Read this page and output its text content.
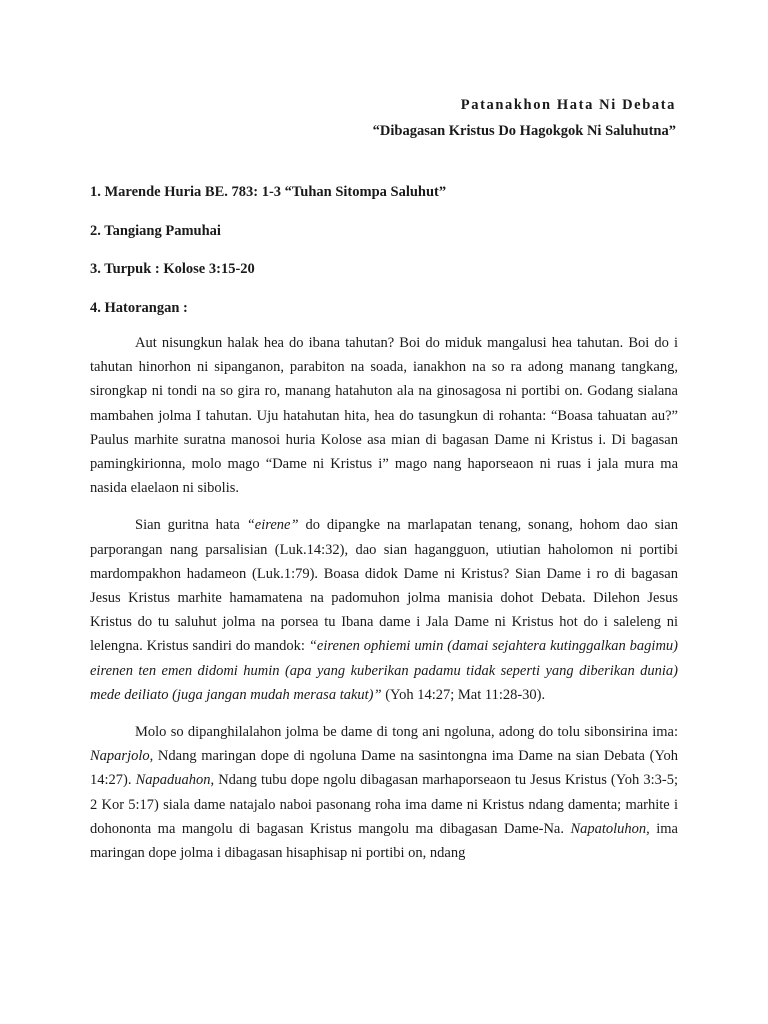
Patanakhon Hata Ni Debata
“Dibagasan Kristus Do Hagokgok Ni Saluhutna”
1. Marende Huria BE. 783: 1-3 “Tuhan Sitompa Saluhut”
2. Tangiang Pamuhai
3. Turpuk : Kolose 3:15-20
4. Hatorangan :

Aut nisungkun halak hea do ibana tahutan? Boi do miduk mangalusi hea tahutan. Boi do i tahutan hinorhon ni sipanganon, parabiton na soada, ianakhon na so ra adong manang tangkang, sirongkap ni tondi na so gira ro, manang hatahuton ala na ginosagosa ni portibi on. Godang sialana mambahen jolma I tahutan. Uju hatahutan hita, hea do tasungkun di rohanta: “Boasa tahuatan au?” Paulus marhite suratna manosoi huria Kolose asa mian di bagasan Dame ni Kristus i. Di bagasan pamingkirionna, molo mago “Dame ni Kristus i” mago nang haporseaon ni ruas i jala mura ma nasida elaelaon ni sibolis.

Sian guritna hata “eirene” do dipangke na marlapatan tenang, sonang, hohom dao sian parporangan nang parsalisian (Luk.14:32), dao sian hagangguon, utiutian haholomon ni portibi mardompakhon hadameon (Luk.1:79). Boasa didok Dame ni Kristus? Sian Dame i ro di bagasan Jesus Kristus marhite hamamatena na padomuhon jolma manisia dohot Debata. Dilehon Jesus Kristus do tu saluhut jolma na porsea tu Ibana dame i Jala Dame ni Kristus hot do i saleleng ni lelengna. Kristus sandiri do mandok: “eirenen ophiemi umin (damai sejahtera kutinggalkan bagimu) eirenen ten emen didomi humin (apa yang kuberikan padamu tidak seperti yang diberikan dunia) mede deiliato (juga jangan mudah merasa takut)” (Yoh 14:27; Mat 11:28-30).

Molo so dipanghilalahon jolma be dame di tong ani ngoluna, adong do tolu sibonsirina ima: Naparjolo, Ndang maringan dope di ngoluna Dame na sasintongna ima Dame na sian Debata (Yoh 14:27). Napaduahon, Ndang tubu dope ngolu dibagasan marhaporseaon tu Jesus Kristus (Yoh 3:3-5; 2 Kor 5:17) siala dame natajalo naboi pasonang roha ima dame ni Kristus ndang damenta; marhite i dohononta ma mangolu di bagasan Kristus mangolu ma dibagasan Dame-Na. Napatoluhon, ima maringan dope jolma i dibagasan hisaphisap ni portibi on, ndang
